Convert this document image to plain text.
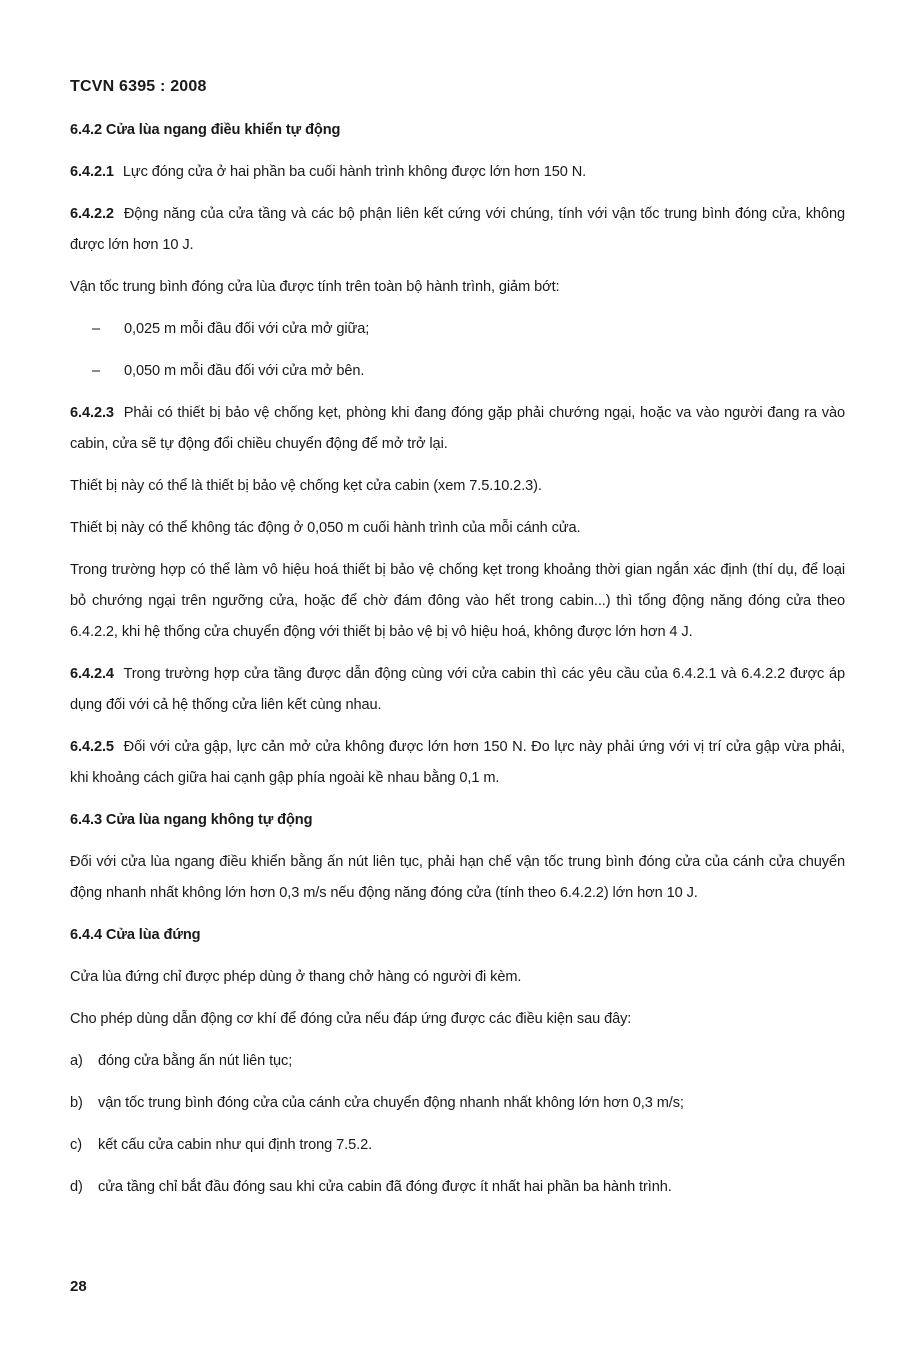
TCVN 6395 : 2008
6.4.2 Cửa lùa ngang điều khiển tự động

6.4.2.1 Lực đóng cửa ở hai phần ba cuối hành trình không được lớn hơn 150 N.

6.4.2.2 Động năng của cửa tầng và các bộ phận liên kết cứng với chúng, tính với vận tốc trung bình đóng cửa, không được lớn hơn 10 J.

Vận tốc trung bình đóng cửa lùa được tính trên toàn bộ hành trình, giảm bớt:

–	0,025 m mỗi đầu đối với cửa mở giữa;
–	0,050 m mỗi đầu đối với cửa mở bên.

6.4.2.3 Phải có thiết bị bảo vệ chống kẹt, phòng khi đang đóng gặp phải chướng ngại, hoặc va vào người đang ra vào cabin, cửa sẽ tự động đổi chiều chuyển động để mở trở lại.

Thiết bị này có thể là thiết bị bảo vệ chống kẹt cửa cabin (xem 7.5.10.2.3).

Thiết bị này có thể không tác động ở 0,050 m cuối hành trình của mỗi cánh cửa.

Trong trường hợp có thể làm vô hiệu hoá thiết bị bảo vệ chống kẹt trong khoảng thời gian ngắn xác định (thí dụ, để loại bỏ chướng ngại trên ngưỡng cửa, hoặc để chờ đám đông vào hết trong cabin...) thì tổng động năng đóng cửa theo 6.4.2.2, khi hệ thống cửa chuyển động với thiết bị bảo vệ bị vô hiệu hoá, không được lớn hơn 4 J.

6.4.2.4 Trong trường hợp cửa tầng được dẫn động cùng với cửa cabin thì các yêu cầu của 6.4.2.1 và 6.4.2.2 được áp dụng đối với cả hệ thống cửa liên kết cùng nhau.

6.4.2.5 Đối với cửa gập, lực cản mở cửa không được lớn hơn 150 N. Đo lực này phải ứng với vị trí cửa gập vừa phải, khi khoảng cách giữa hai cạnh gập phía ngoài kề nhau bằng 0,1 m.

6.4.3 Cửa lùa ngang không tự động

Đối với cửa lùa ngang điều khiển bằng ấn nút liên tục, phải hạn chế vận tốc trung bình đóng cửa của cánh cửa chuyển động nhanh nhất không lớn hơn 0,3 m/s nếu động năng đóng cửa (tính theo 6.4.2.2) lớn hơn 10 J.

6.4.4 Cửa lùa đứng

Cửa lùa đứng chỉ được phép dùng ở thang chở hàng có người đi kèm.

Cho phép dùng dẫn động cơ khí để đóng cửa nếu đáp ứng được các điều kiện sau đây:

a)	đóng cửa bằng ấn nút liên tục;
b)	vận tốc trung bình đóng cửa của cánh cửa chuyển động nhanh nhất không lớn hơn 0,3 m/s;
c)	kết cấu cửa cabin như qui định trong 7.5.2.
d)	cửa tầng chỉ bắt đầu đóng sau khi cửa cabin đã đóng được ít nhất hai phần ba hành trình.
28
